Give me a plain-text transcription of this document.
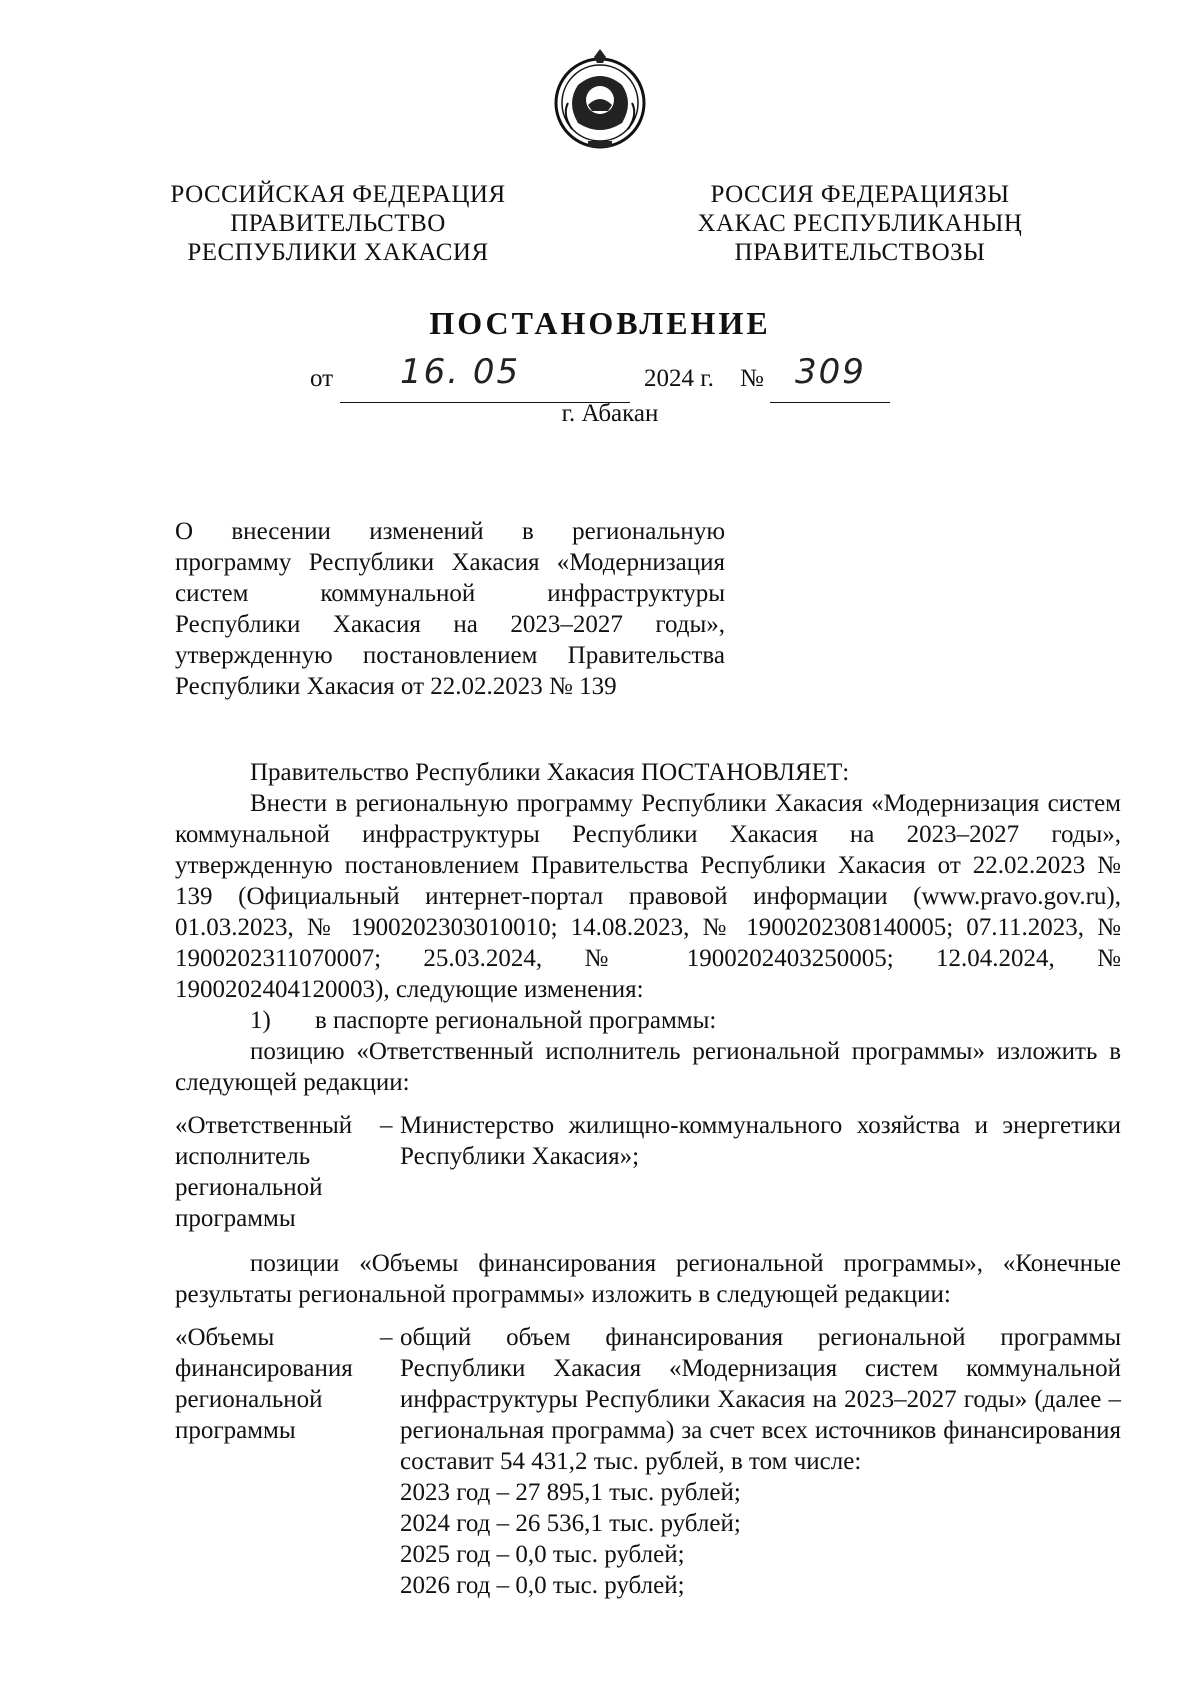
РОССИЙСКАЯ ФЕДЕРАЦИЯ
ПРАВИТЕЛЬСТВО
РЕСПУБЛИКИ ХАКАСИЯ
РОССИЯ ФЕДЕРАЦИЯЗЫ
ХАКАС РЕСПУБЛИКАНЫҢ
ПРАВИТЕЛЬСТВОЗЫ
ПОСТАНОВЛЕНИЕ
от 16. 05	2024 г. № 309
г. Абакан
О внесении изменений в региональную
программу Республики Хакасия «Модернизация
систем коммунальной инфраструктуры
Республики Хакасия на 2023–2027 годы»,
утвержденную постановлением Правительства
Республики Хакасия от 22.02.2023 № 139

Правительство Республики Хакасия ПОСТАНОВЛЯЕТ:

Внести в региональную программу Республики Хакасия «Модернизация систем коммунальной инфраструктуры Республики Хакасия на 2023–2027 годы», утвержденную постановлением Правительства Республики Хакасия от 22.02.2023 № 139 (Официальный интернет-портал правовой информации (www.pravo.gov.ru), 01.03.2023, № 1900202303010010; 14.08.2023, № 1900202308140005; 07.11.2023, № 1900202311070007; 25.03.2024, № 1900202403250005; 12.04.2024, № 1900202404120003), следующие изменения:

1) в паспорте региональной программы:

позицию «Ответственный исполнитель региональной программы» изложить в следующей редакции:

«Ответственный исполнитель региональной программы
– Министерство жилищно-коммунального хозяйства и энергетики Республики Хакасия»;

позиции «Объемы финансирования региональной программы», «Конечные результаты региональной программы» изложить в следующей редакции:

«Объемы финансирования региональной программы
– общий объем финансирования региональной программы Республики Хакасия «Модернизация систем коммунальной инфраструктуры Республики Хакасия на 2023–2027 годы» (далее – региональная программа) за счет всех источников финансирования составит 54 431,2 тыс. рублей, в том числе:
2023 год – 27 895,1 тыс. рублей;
2024 год – 26 536,1 тыс. рублей;
2025 год – 0,0 тыс. рублей;
2026 год – 0,0 тыс. рублей;
